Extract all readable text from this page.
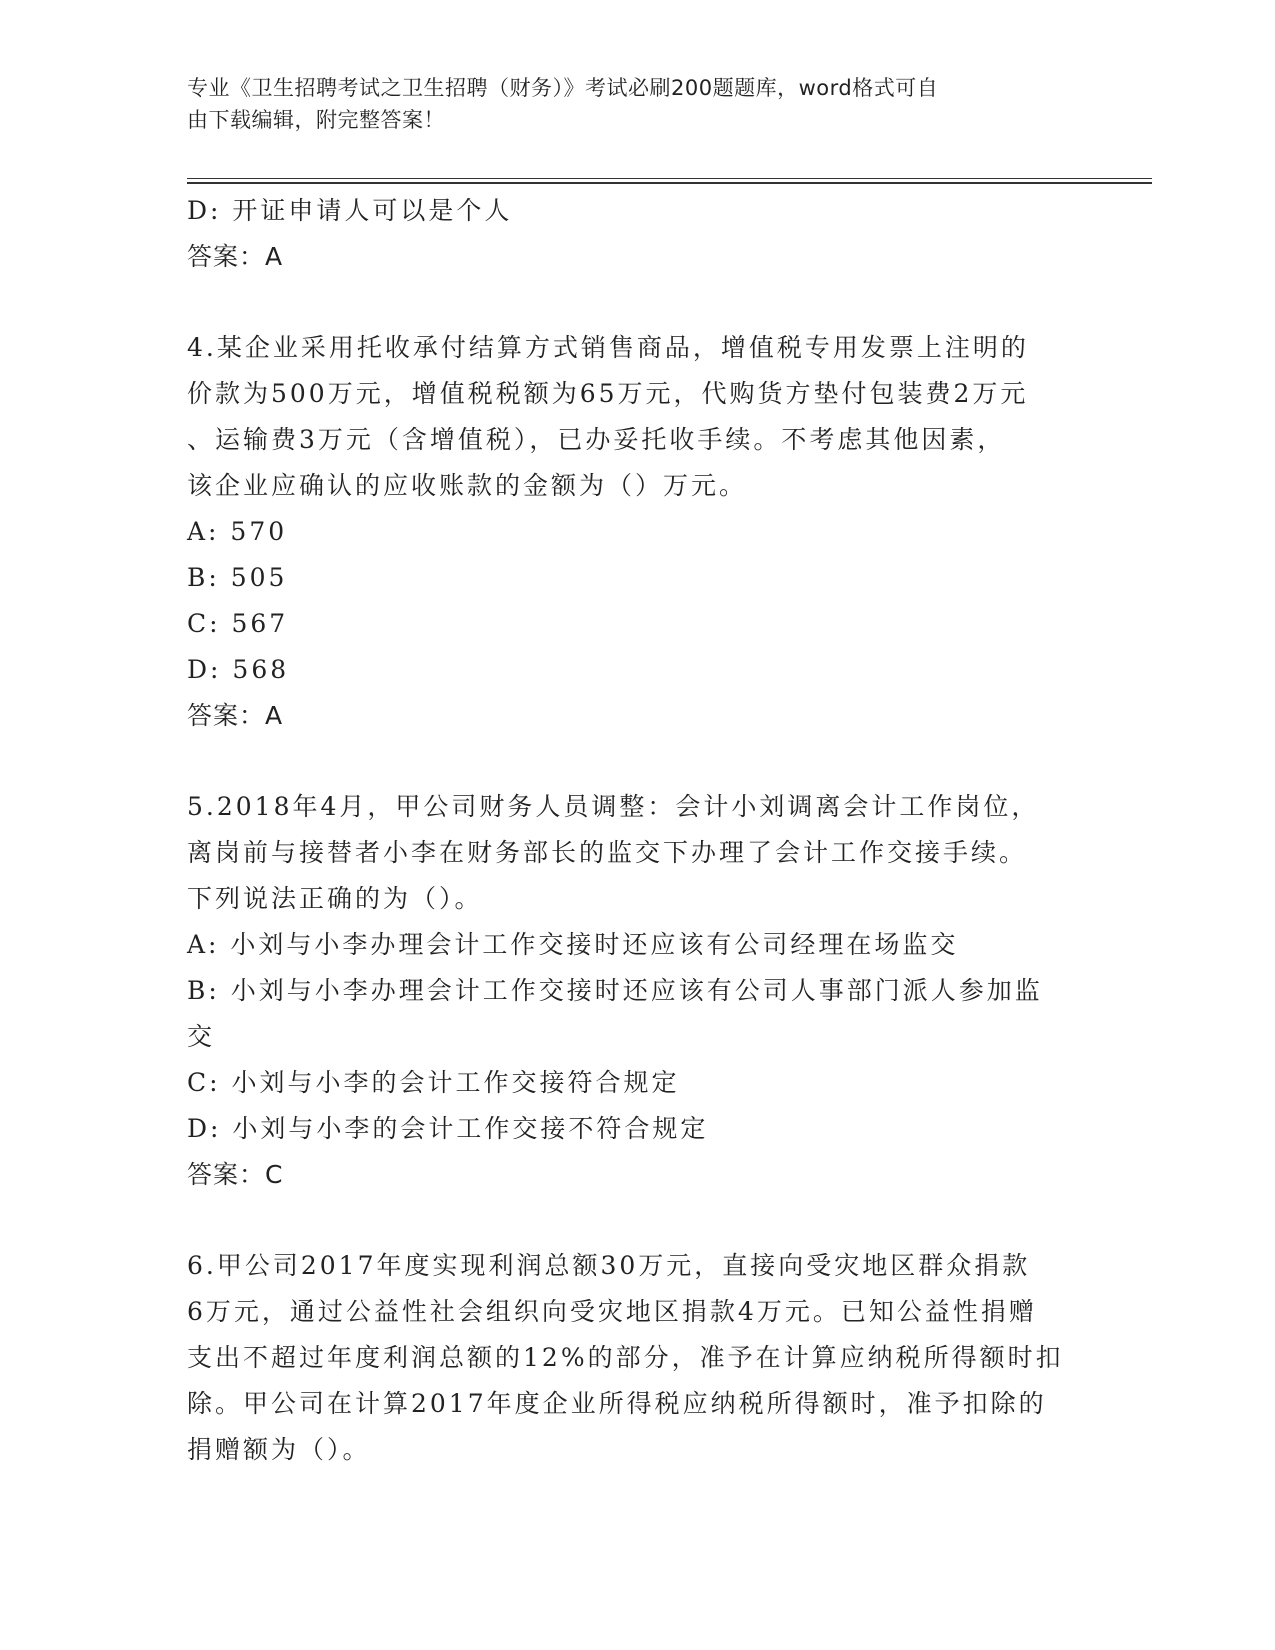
专业《卫生招聘考试之卫生招聘（财务）》考试必刷200题题库，word格式可自
由下载编辑，附完整答案！
D: 开证申请人可以是个人
答案：A
4.某企业采用托收承付结算方式销售商品，增值税专用发票上注明的
价款为500万元，增值税税额为65万元，代购货方垫付包装费2万元
、运输费3万元（含增值税），已办妥托收手续。不考虑其他因素，
该企业应确认的应收账款的金额为（）万元。
A: 570
B: 505
C: 567
D: 568
答案：A
5.2018年4月，甲公司财务人员调整：会计小刘调离会计工作岗位，
离岗前与接替者小李在财务部长的监交下办理了会计工作交接手续。
下列说法正确的为（）。
A: 小刘与小李办理会计工作交接时还应该有公司经理在场监交
B: 小刘与小李办理会计工作交接时还应该有公司人事部门派人参加监
交
C: 小刘与小李的会计工作交接符合规定
D: 小刘与小李的会计工作交接不符合规定
答案：C
6.甲公司2017年度实现利润总额30万元，直接向受灾地区群众捐款
6万元，通过公益性社会组织向受灾地区捐款4万元。已知公益性捐赠
支出不超过年度利润总额的12%的部分，准予在计算应纳税所得额时扣
除。甲公司在计算2017年度企业所得税应纳税所得额时，准予扣除的
捐赠额为（）。
